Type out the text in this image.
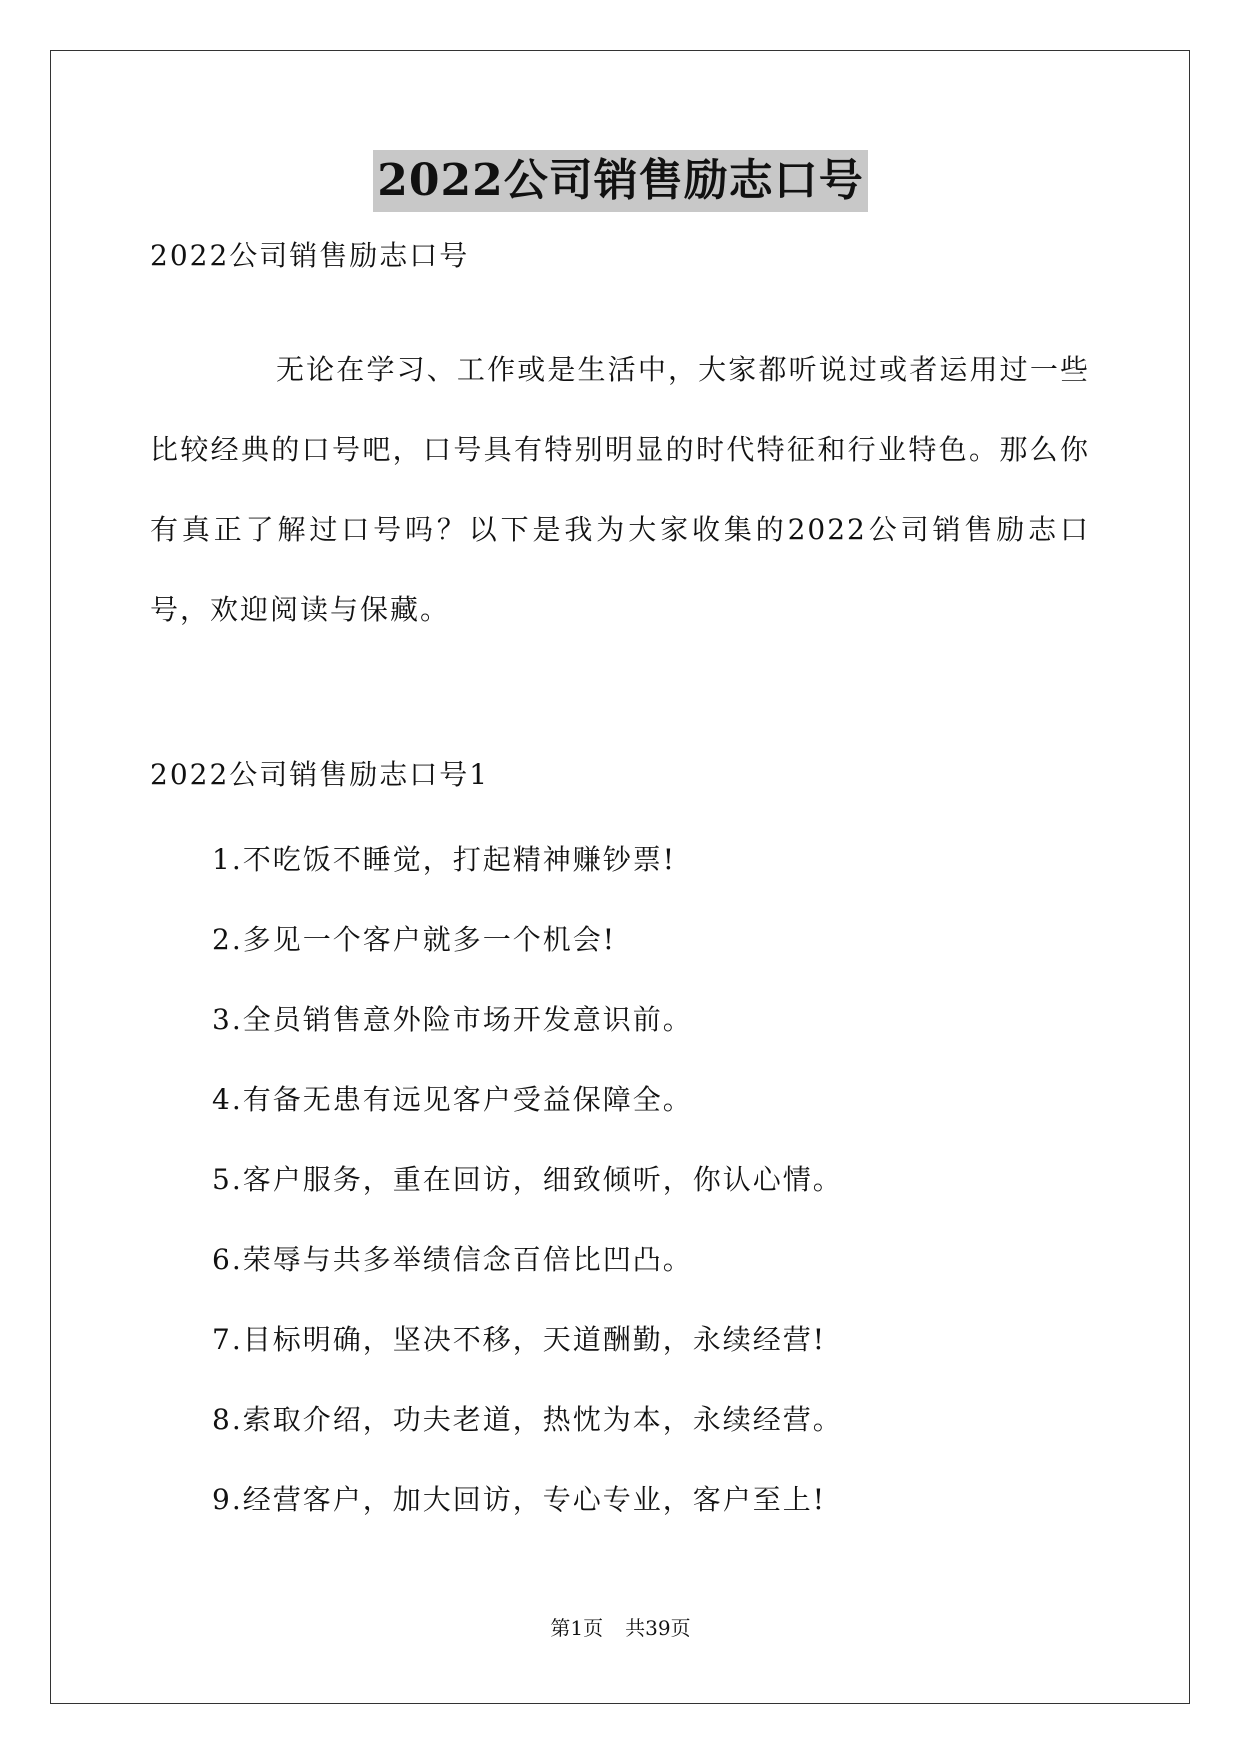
2022公司销售励志口号
2022公司销售励志口号
无论在学习、工作或是生活中，大家都听说过或者运用过一些比较经典的口号吧，口号具有特别明显的时代特征和行业特色。那么你有真正了解过口号吗？以下是我为大家收集的2022公司销售励志口号，欢迎阅读与保藏。
2022公司销售励志口号1
1.不吃饭不睡觉，打起精神赚钞票!
2.多见一个客户就多一个机会!
3.全员销售意外险市场开发意识前。
4.有备无患有远见客户受益保障全。
5.客户服务，重在回访，细致倾听，你认心情。
6.荣辱与共多举绩信念百倍比凹凸。
7.目标明确，坚决不移，天道酬勤，永续经营!
8.索取介绍，功夫老道，热忱为本，永续经营。
9.经营客户，加大回访，专心专业，客户至上!
第1页 共39页
